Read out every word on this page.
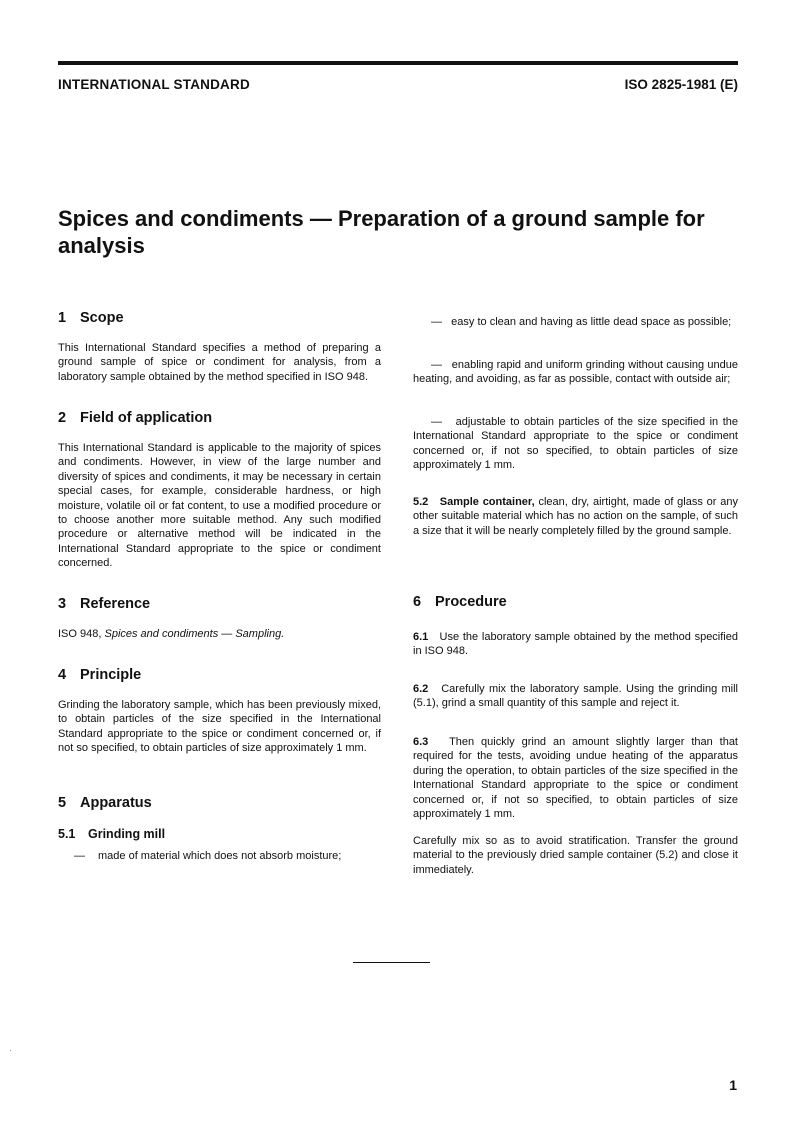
INTERNATIONAL STANDARD	ISO 2825-1981 (E)
Spices and condiments — Preparation of a ground sample for analysis

1 Scope

This International Standard specifies a method of preparing a ground sample of spice or condiment for analysis, from a laboratory sample obtained by the method specified in ISO 948.

2 Field of application

This International Standard is applicable to the majority of spices and condiments. However, in view of the large number and diversity of spices and condiments, it may be necessary in certain special cases, for example, considerable hardness, or high moisture, volatile oil or fat content, to use a modified procedure or to choose another more suitable method. Any such modified procedure or alternative method will be indicated in the International Standard appropriate to the spice or condiment concerned.

3 Reference

ISO 948, Spices and condiments — Sampling.

4 Principle

Grinding the laboratory sample, which has been previously mixed, to obtain particles of the size specified in the International Standard appropriate to the spice or condiment concerned or, if not so specified, to obtain particles of size approximately 1 mm.

5 Apparatus

5.1 Grinding mill

—	made of material which does not absorb moisture;

— easy to clean and having as little dead space as possible;

— enabling rapid and uniform grinding without causing undue heating, and avoiding, as far as possible, contact with outside air;

— adjustable to obtain particles of the size specified in the International Standard appropriate to the spice or condiment concerned or, if not so specified, to obtain particles of size approximately 1 mm.

5.2 Sample container, clean, dry, airtight, made of glass or any other suitable material which has no action on the sample, of such a size that it will be nearly completely filled by the ground sample.

6 Procedure

6.1 Use the laboratory sample obtained by the method specified in ISO 948.

6.2 Carefully mix the laboratory sample. Using the grinding mill (5.1), grind a small quantity of this sample and reject it.

6.3 Then quickly grind an amount slightly larger than that required for the tests, avoiding undue heating of the apparatus during the operation, to obtain particles of the size specified in the International Standard appropriate to the spice or condiment concerned or, if not so specified, to obtain particles of size approximately 1 mm.

Carefully mix so as to avoid stratification. Transfer the ground material to the previously dried sample container (5.2) and close it immediately.

1
